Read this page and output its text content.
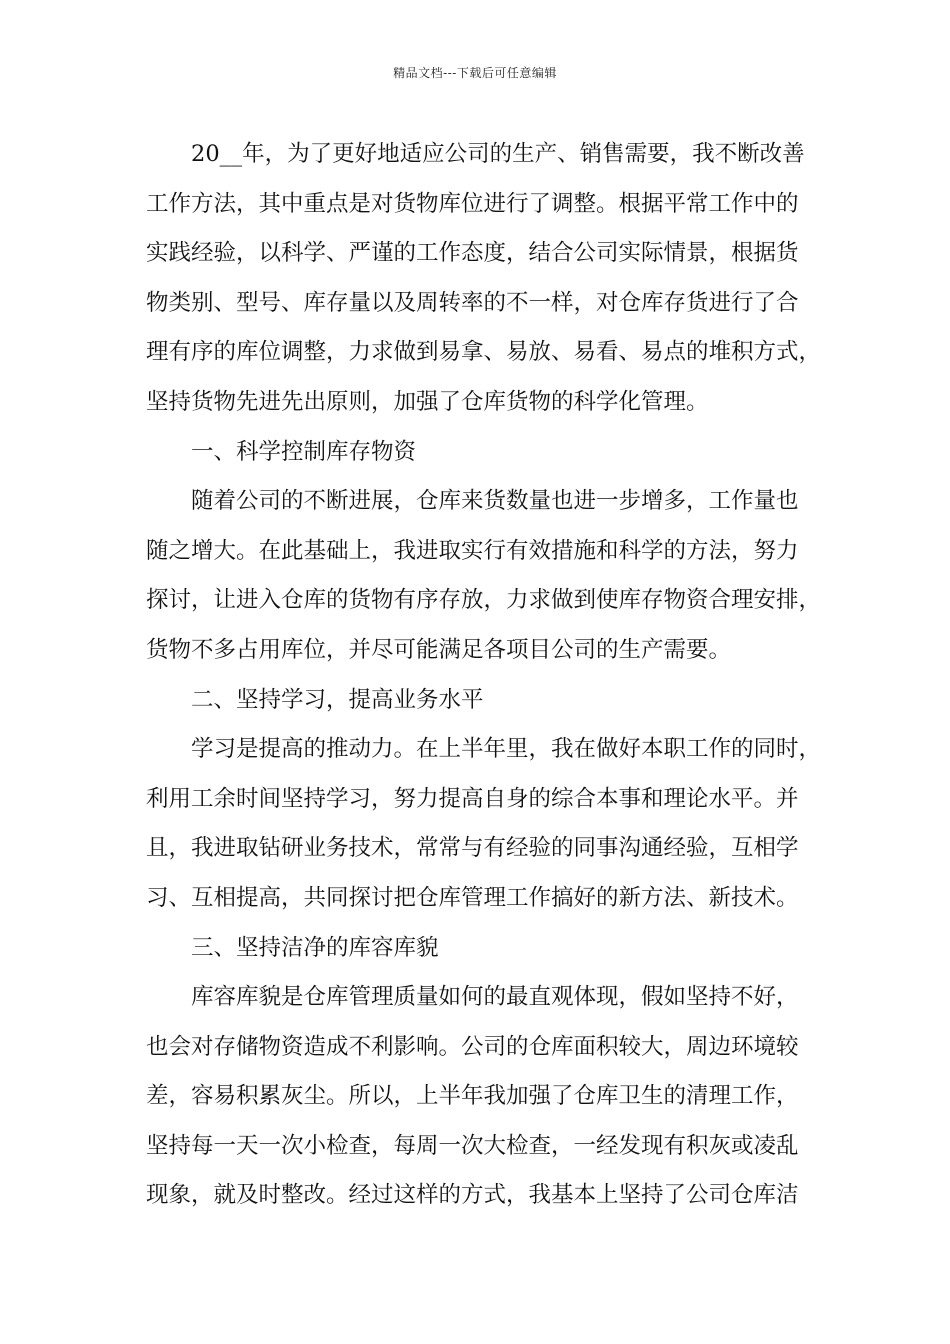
精品文档---下载后可任意编辑
20__年，为了更好地适应公司的生产、销售需要，我不断改善
工作方法，其中重点是对货物库位进行了调整。根据平常工作中的
实践经验，以科学、严谨的工作态度，结合公司实际情景，根据货
物类别、型号、库存量以及周转率的不一样，对仓库存货进行了合
理有序的库位调整，力求做到易拿、易放、易看、易点的堆积方式，
坚持货物先进先出原则，加强了仓库货物的科学化管理。
一、科学控制库存物资
随着公司的不断进展，仓库来货数量也进一步增多，工作量也
随之增大。在此基础上，我进取实行有效措施和科学的方法，努力
探讨，让进入仓库的货物有序存放，力求做到使库存物资合理安排，
货物不多占用库位，并尽可能满足各项目公司的生产需要。
二、坚持学习，提高业务水平
学习是提高的推动力。在上半年里，我在做好本职工作的同时，
利用工余时间坚持学习，努力提高自身的综合本事和理论水平。并
且，我进取钻研业务技术，常常与有经验的同事沟通经验，互相学
习、互相提高，共同探讨把仓库管理工作搞好的新方法、新技术。
三、坚持洁净的库容库貌
库容库貌是仓库管理质量如何的最直观体现，假如坚持不好，
也会对存储物资造成不利影响。公司的仓库面积较大，周边环境较
差，容易积累灰尘。所以，上半年我加强了仓库卫生的清理工作，
坚持每一天一次小检查，每周一次大检查，一经发现有积灰或凌乱
现象，就及时整改。经过这样的方式，我基本上坚持了公司仓库洁
